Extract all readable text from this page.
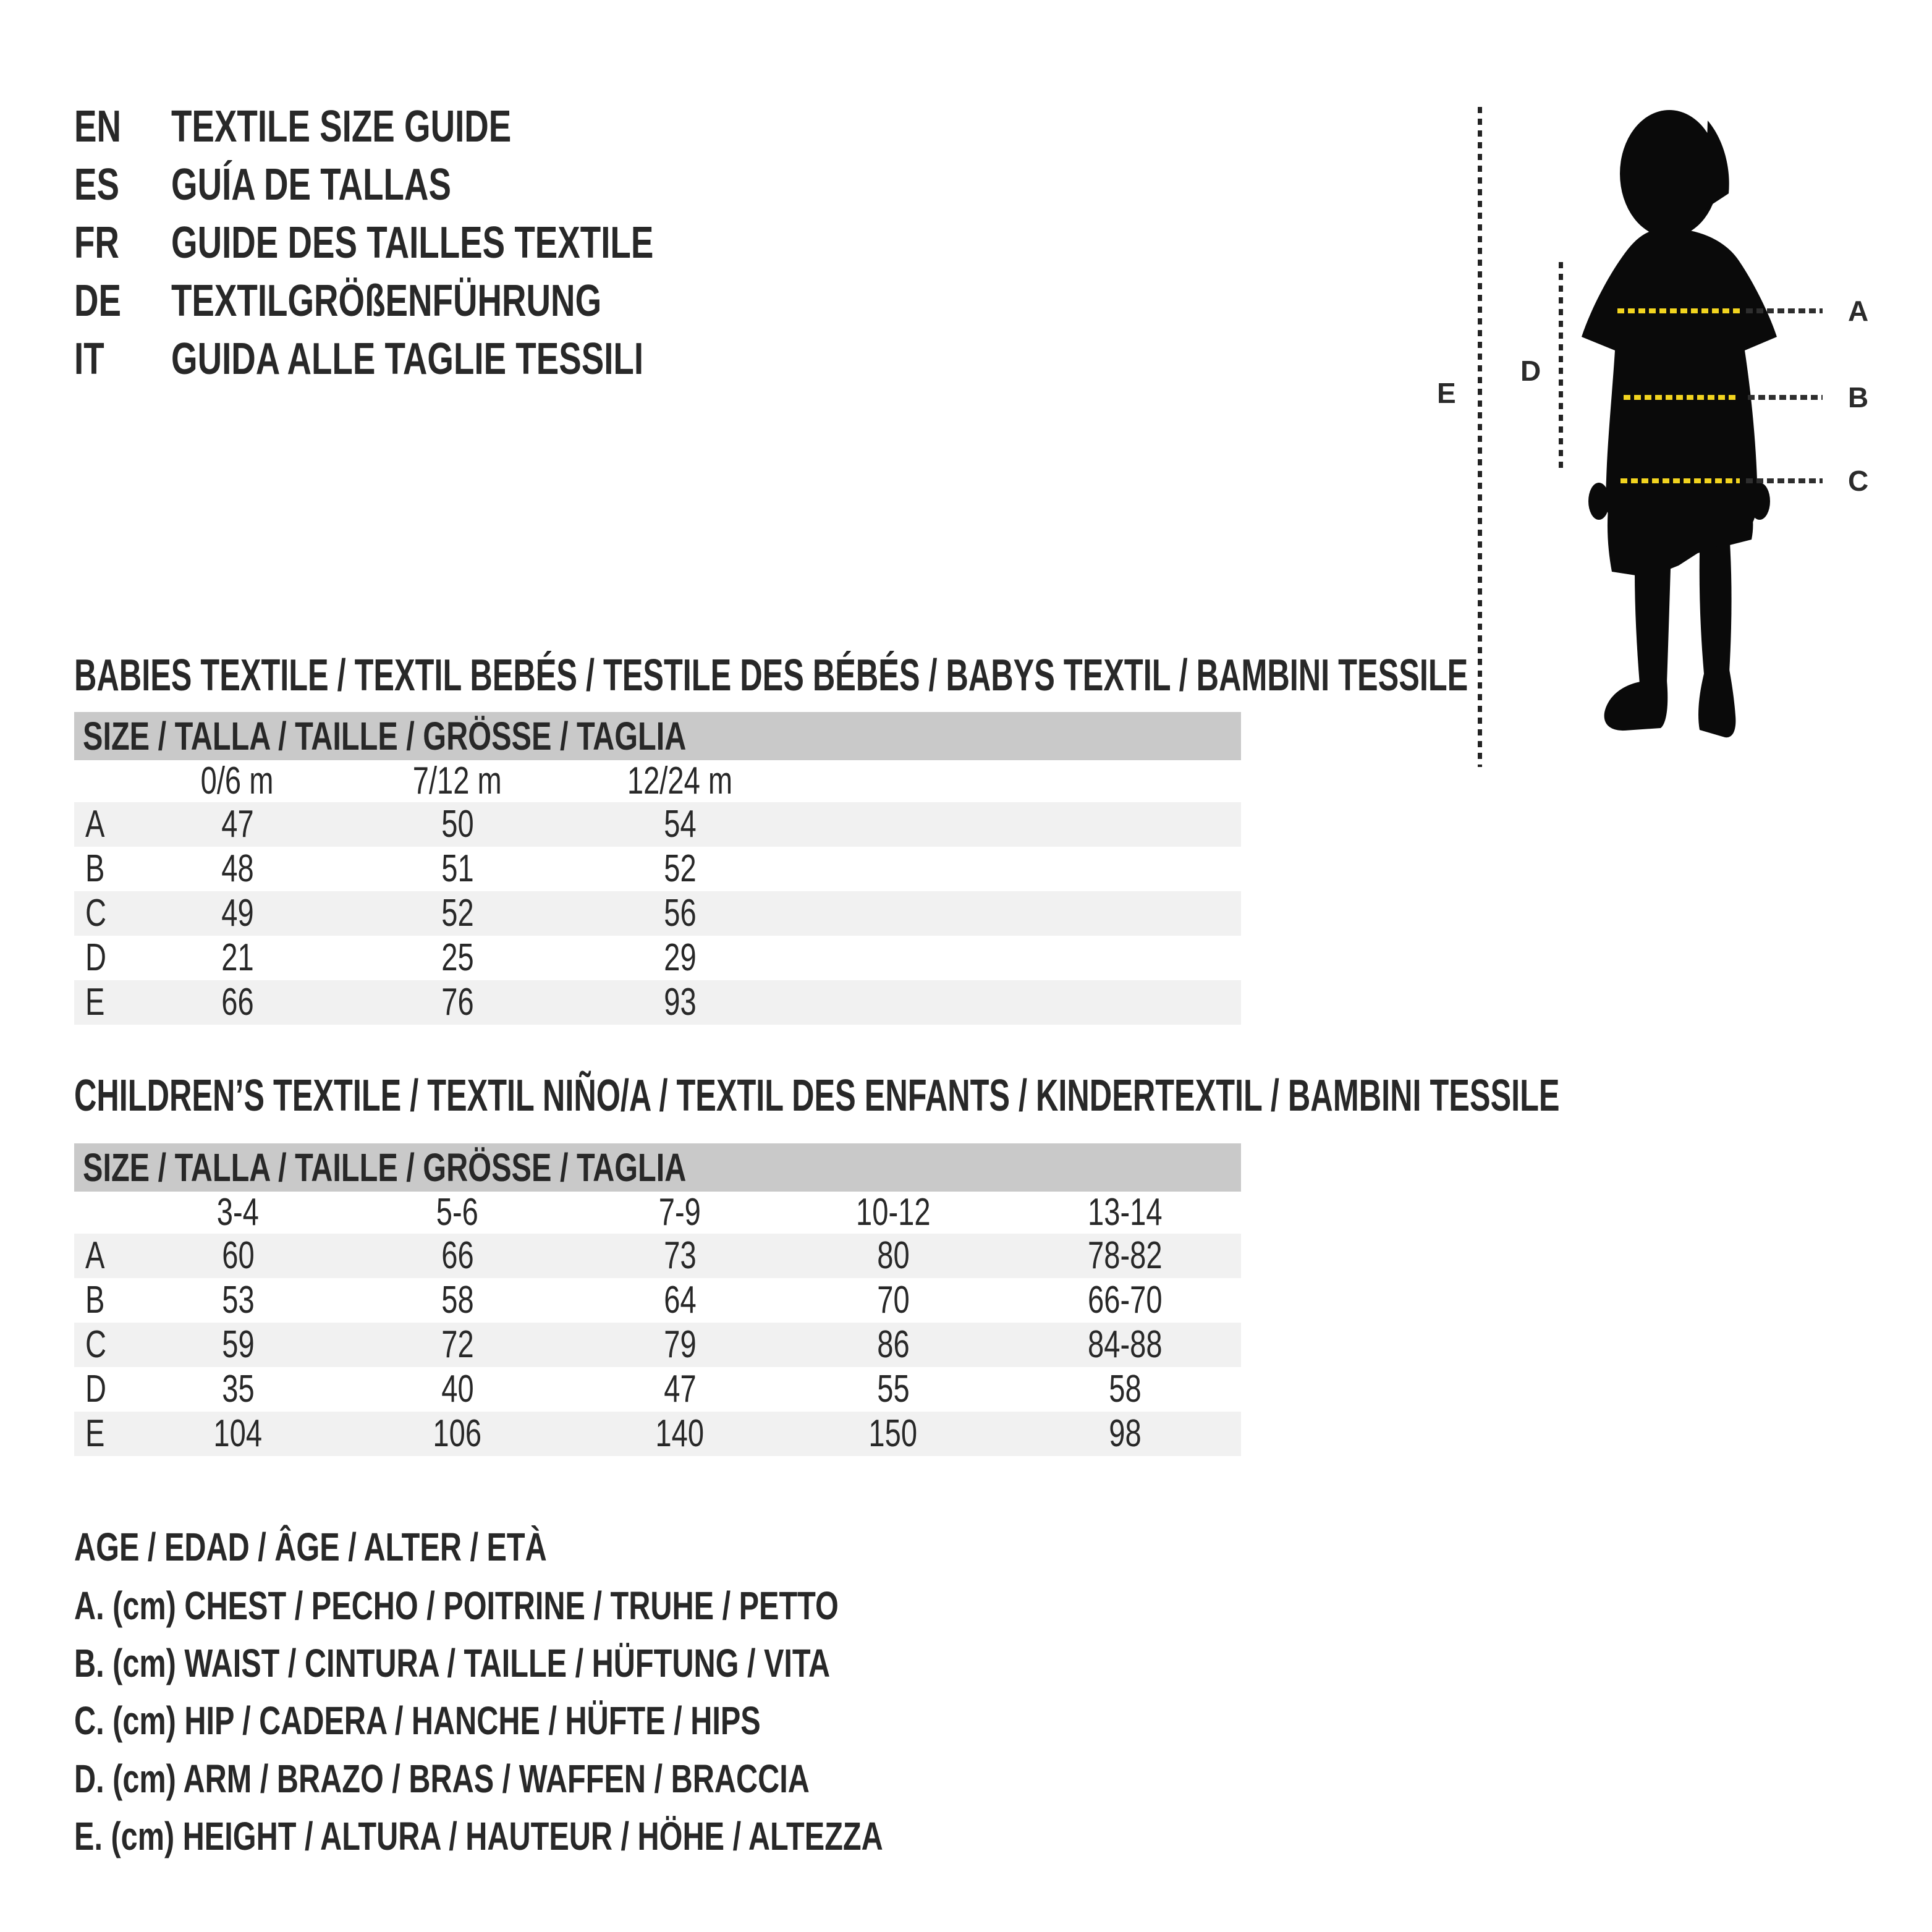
EN	TEXTILE SIZE GUIDE
ES	GUÍA DE TALLAS
FR	GUIDE DES TAILLES TEXTILE
DE	TEXTILGRÖßENFÜHRUNG
IT GUIDA ALLE TAGLIE TESSILI
A
B
C
D
E
BABIES TEXTILE / TEXTIL BEBÉS / TESTILE DES BÉBÉS / BABYS TEXTIL / BAMBINI TESSILE
SIZE / TALLA / TAILLE / GRÖSSE / TAGLIA
0/6 m	7/12 m	12/24 m
A	47	50	54
B	48	51	52
C	49	52	56
D	21	25	29
E	66	76	93
CHILDREN’S TEXTILE / TEXTIL NIÑO/A / TEXTIL DES ENFANTS / KINDERTEXTIL / BAMBINI TESSILE
SIZE / TALLA / TAILLE / GRÖSSE / TAGLIA
3-4	5-6	7-9	10-12	13-14
A	60	66	73	80	78-82
B	53	58	64	70	66-70
C	59	72	79	86	84-88
D	35	40	47	55	58
E	104	106	140	150	98
AGE / EDAD / ÂGE / ALTER / ETÀ
A. (cm) CHEST / PECHO / POITRINE / TRUHE / PETTO
B. (cm) WAIST / CINTURA / TAILLE / HÜFTUNG / VITA
C. (cm) HIP / CADERA / HANCHE / HÜFTE / HIPS
D. (cm) ARM / BRAZO / BRAS / WAFFEN / BRACCIA
E. (cm) HEIGHT / ALTURA / HAUTEUR / HÖHE / ALTEZZA
